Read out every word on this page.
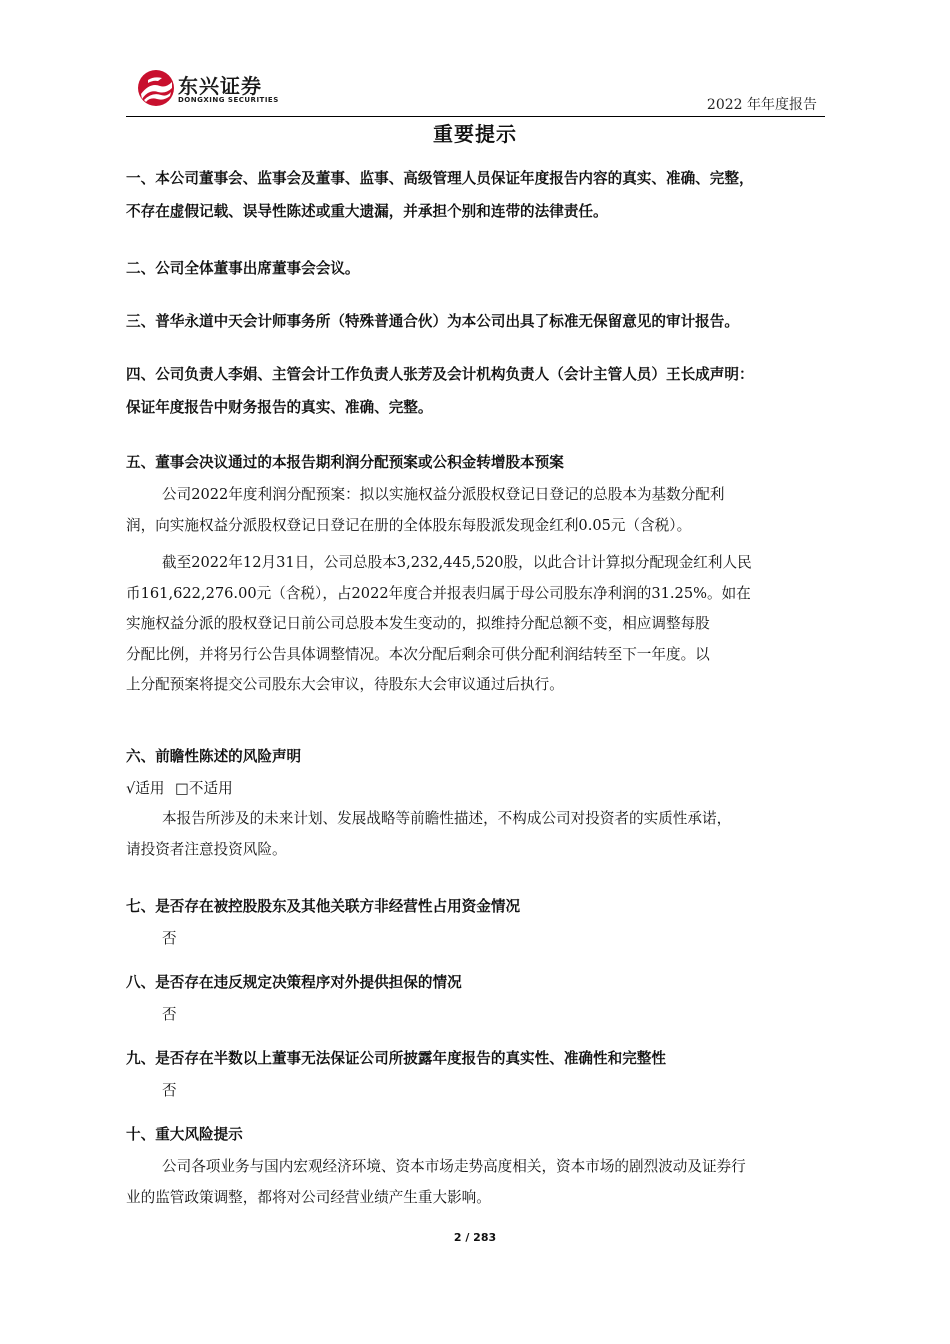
东兴证券
DONGXING SECURITIES	2022 年年度报告
重要提示
一、本公司董事会、监事会及董事、监事、高级管理人员保证年度报告内容的真实、准确、完整，
不存在虚假记载、误导性陈述或重大遗漏，并承担个别和连带的法律责任。
二、公司全体董事出席董事会会议。
三、普华永道中天会计师事务所（特殊普通合伙）为本公司出具了标准无保留意见的审计报告。
四、公司负责人李娟、主管会计工作负责人张芳及会计机构负责人（会计主管人员）王长成声明：
保证年度报告中财务报告的真实、准确、完整。
五、董事会决议通过的本报告期利润分配预案或公积金转增股本预案
公司2022年度利润分配预案：拟以实施权益分派股权登记日登记的总股本为基数分配利
润，向实施权益分派股权登记日登记在册的全体股东每股派发现金红利0.05元（含税）。
截至2022年12月31日，公司总股本3,232,445,520股，以此合计计算拟分配现金红利人民
币161,622,276.00元（含税），占2022年度合并报表归属于母公司股东净利润的31.25%。如在
实施权益分派的股权登记日前公司总股本发生变动的，拟维持分配总额不变，相应调整每股
分配比例，并将另行公告具体调整情况。本次分配后剩余可供分配利润结转至下一年度。以
上分配预案将提交公司股东大会审议，待股东大会审议通过后执行。
六、前瞻性陈述的风险声明
√适用 □不适用
本报告所涉及的未来计划、发展战略等前瞻性描述，不构成公司对投资者的实质性承诺，
请投资者注意投资风险。
七、是否存在被控股股东及其他关联方非经营性占用资金情况
否
八、是否存在违反规定决策程序对外提供担保的情况
否
九、是否存在半数以上董事无法保证公司所披露年度报告的真实性、准确性和完整性
否
十、重大风险提示
公司各项业务与国内宏观经济环境、资本市场走势高度相关，资本市场的剧烈波动及证券行
业的监管政策调整，都将对公司经营业绩产生重大影响。
2 / 283
